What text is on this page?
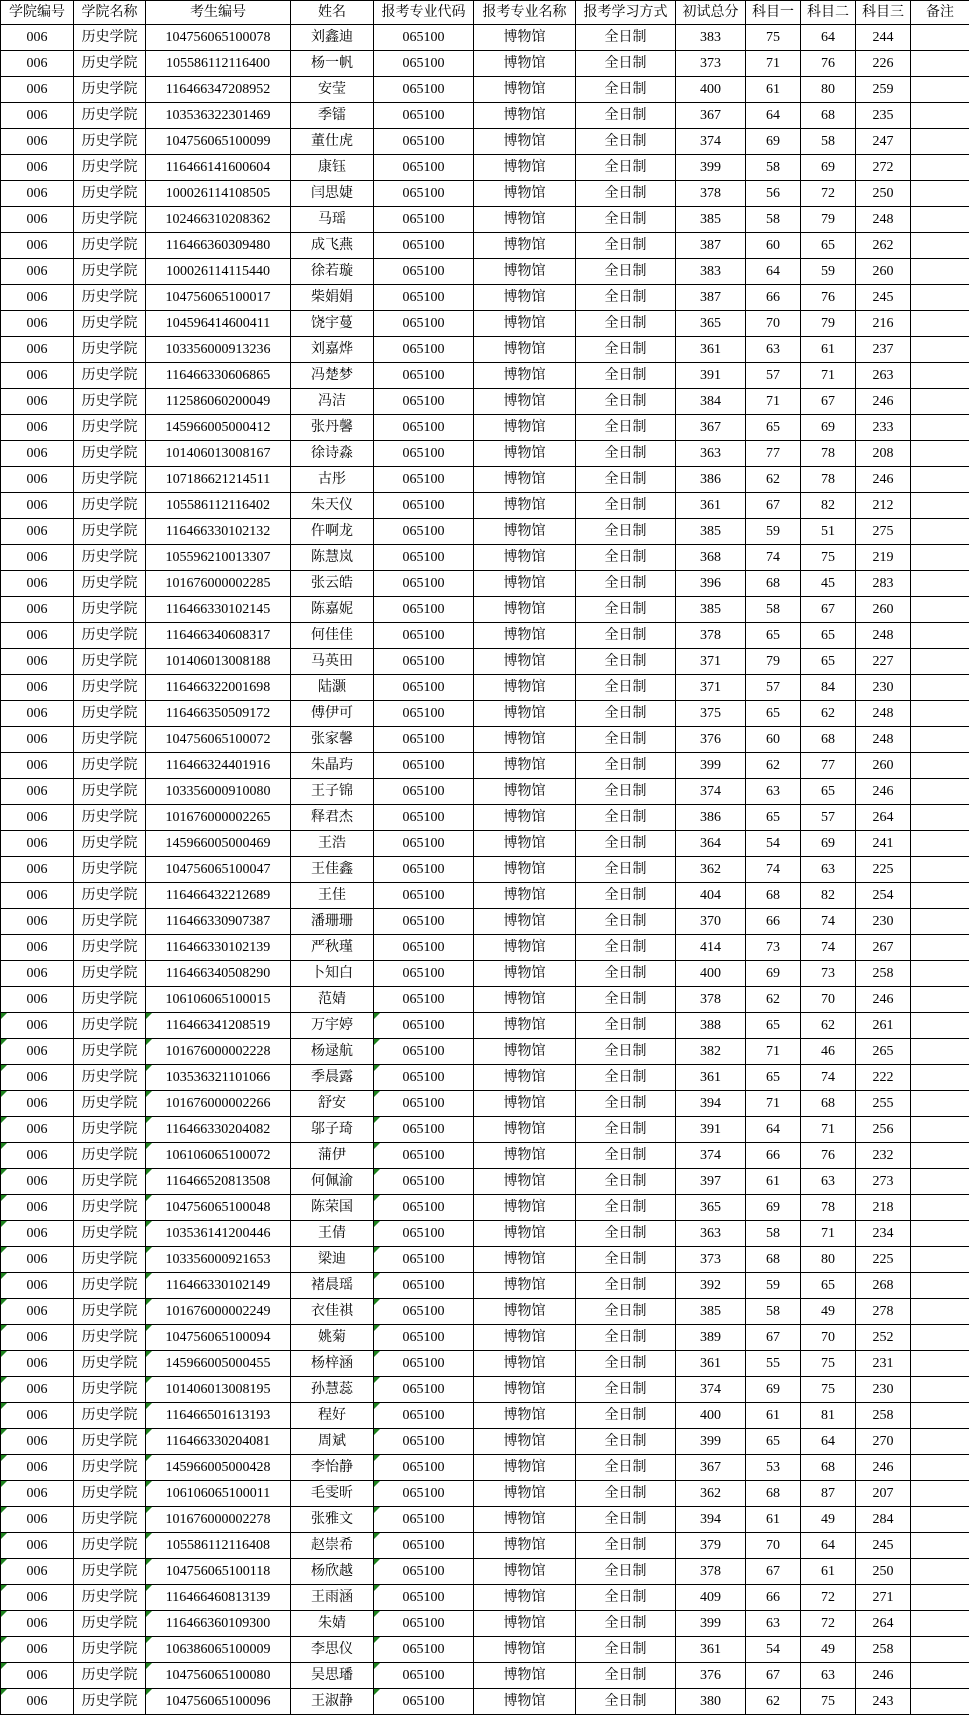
学院编号	学院名称	考生编号	姓名	报考专业代码	报考专业名称	报考学习方式	初试总分	科目一	科目二	科目三	备注
006	历史学院	104756065100078	刘鑫迪	065100	博物馆	全日制	383	75	64	244	
006	历史学院	105586112116400	杨一帆	065100	博物馆	全日制	373	71	76	226	
006	历史学院	116466347208952	安莹	065100	博物馆	全日制	400	61	80	259	
006	历史学院	103536322301469	季镭	065100	博物馆	全日制	367	64	68	235	
006	历史学院	104756065100099	董仕虎	065100	博物馆	全日制	374	69	58	247	
006	历史学院	116466141600604	康钰	065100	博物馆	全日制	399	58	69	272	
006	历史学院	100026114108505	闫思婕	065100	博物馆	全日制	378	56	72	250	
006	历史学院	102466310208362	马瑶	065100	博物馆	全日制	385	58	79	248	
006	历史学院	116466360309480	成飞燕	065100	博物馆	全日制	387	60	65	262	
006	历史学院	100026114115440	徐若璇	065100	博物馆	全日制	383	64	59	260	
006	历史学院	104756065100017	柴娟娟	065100	博物馆	全日制	387	66	76	245	
006	历史学院	104596414600411	饶宇蔓	065100	博物馆	全日制	365	70	79	216	
006	历史学院	103356000913236	刘嘉烨	065100	博物馆	全日制	361	63	61	237	
006	历史学院	116466330606865	冯楚梦	065100	博物馆	全日制	391	57	71	263	
006	历史学院	112586060200049	冯洁	065100	博物馆	全日制	384	71	67	246	
006	历史学院	145966005000412	张丹馨	065100	博物馆	全日制	367	65	69	233	
006	历史学院	101406013008167	徐诗淼	065100	博物馆	全日制	363	77	78	208	
006	历史学院	107186621214511	古彤	065100	博物馆	全日制	386	62	78	246	
006	历史学院	105586112116402	朱天仪	065100	博物馆	全日制	361	67	82	212	
006	历史学院	116466330102132	仵啊龙	065100	博物馆	全日制	385	59	51	275	
006	历史学院	105596210013307	陈慧岚	065100	博物馆	全日制	368	74	75	219	
006	历史学院	101676000002285	张云皓	065100	博物馆	全日制	396	68	45	283	
006	历史学院	116466330102145	陈嘉妮	065100	博物馆	全日制	385	58	67	260	
006	历史学院	116466340608317	何佳佳	065100	博物馆	全日制	378	65	65	248	
006	历史学院	101406013008188	马英田	065100	博物馆	全日制	371	79	65	227	
006	历史学院	116466322001698	陆灏	065100	博物馆	全日制	371	57	84	230	
006	历史学院	116466350509172	傅伊可	065100	博物馆	全日制	375	65	62	248	
006	历史学院	104756065100072	张家馨	065100	博物馆	全日制	376	60	68	248	
006	历史学院	116466324401916	朱晶玙	065100	博物馆	全日制	399	62	77	260	
006	历史学院	103356000910080	王子锦	065100	博物馆	全日制	374	63	65	246	
006	历史学院	101676000002265	释君杰	065100	博物馆	全日制	386	65	57	264	
006	历史学院	145966005000469	王浩	065100	博物馆	全日制	364	54	69	241	
006	历史学院	104756065100047	王佳鑫	065100	博物馆	全日制	362	74	63	225	
006	历史学院	116466432212689	王佳	065100	博物馆	全日制	404	68	82	254	
006	历史学院	116466330907387	潘珊珊	065100	博物馆	全日制	370	66	74	230	
006	历史学院	116466330102139	严秋瑾	065100	博物馆	全日制	414	73	74	267	
006	历史学院	116466340508290	卜知白	065100	博物馆	全日制	400	69	73	258	
006	历史学院	106106065100015	范婧	065100	博物馆	全日制	378	62	70	246	
006	历史学院	116466341208519	万宇婷	065100	博物馆	全日制	388	65	62	261	
006	历史学院	101676000002228	杨逯航	065100	博物馆	全日制	382	71	46	265	
006	历史学院	103536321101066	季晨露	065100	博物馆	全日制	361	65	74	222	
006	历史学院	101676000002266	舒安	065100	博物馆	全日制	394	71	68	255	
006	历史学院	116466330204082	邬子琦	065100	博物馆	全日制	391	64	71	256	
006	历史学院	106106065100072	蒲伊	065100	博物馆	全日制	374	66	76	232	
006	历史学院	116466520813508	何佩渝	065100	博物馆	全日制	397	61	63	273	
006	历史学院	104756065100048	陈荣国	065100	博物馆	全日制	365	69	78	218	
006	历史学院	103536141200446	王倩	065100	博物馆	全日制	363	58	71	234	
006	历史学院	103356000921653	梁迪	065100	博物馆	全日制	373	68	80	225	
006	历史学院	116466330102149	褚晨瑶	065100	博物馆	全日制	392	59	65	268	
006	历史学院	101676000002249	衣佳祺	065100	博物馆	全日制	385	58	49	278	
006	历史学院	104756065100094	姚菊	065100	博物馆	全日制	389	67	70	252	
006	历史学院	145966005000455	杨梓涵	065100	博物馆	全日制	361	55	75	231	
006	历史学院	101406013008195	孙慧蕊	065100	博物馆	全日制	374	69	75	230	
006	历史学院	116466501613193	程好	065100	博物馆	全日制	400	61	81	258	
006	历史学院	116466330204081	周斌	065100	博物馆	全日制	399	65	64	270	
006	历史学院	145966005000428	李怡静	065100	博物馆	全日制	367	53	68	246	
006	历史学院	106106065100011	毛雯昕	065100	博物馆	全日制	362	68	87	207	
006	历史学院	101676000002278	张雅文	065100	博物馆	全日制	394	61	49	284	
006	历史学院	105586112116408	赵崇希	065100	博物馆	全日制	379	70	64	245	
006	历史学院	104756065100118	杨欣越	065100	博物馆	全日制	378	67	61	250	
006	历史学院	116466460813139	王雨涵	065100	博物馆	全日制	409	66	72	271	
006	历史学院	116466360109300	朱婧	065100	博物馆	全日制	399	63	72	264	
006	历史学院	106386065100009	李思仪	065100	博物馆	全日制	361	54	49	258	
006	历史学院	104756065100080	吴思璠	065100	博物馆	全日制	376	67	63	246	
006	历史学院	104756065100096	王淑静	065100	博物馆	全日制	380	62	75	243	
